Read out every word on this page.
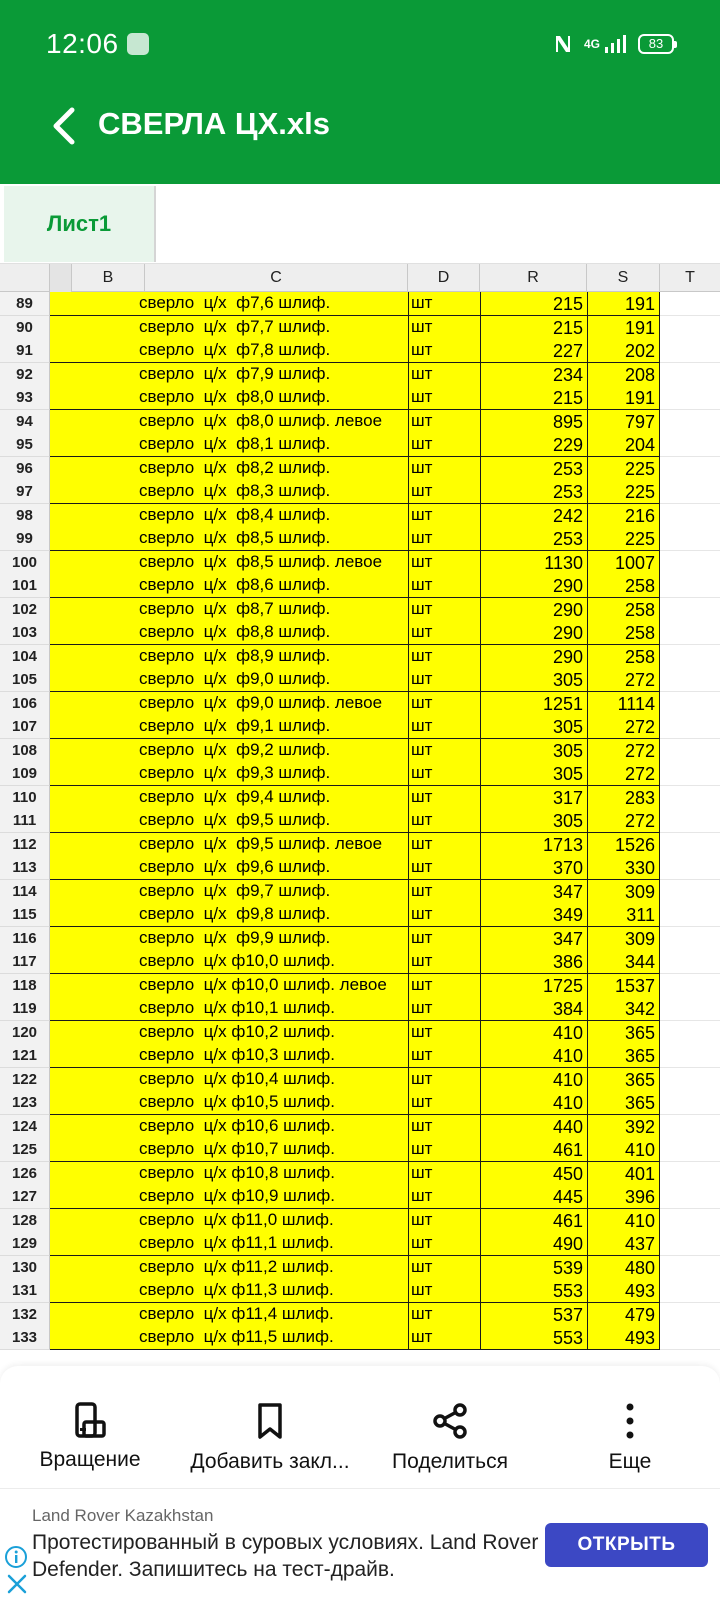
12:06	4G	83
СВЕРЛА ЦХ.xls
Лист1
B	C	D	R	S	T
89	сверло  ц/х  ф7,6 шлиф.	шт	215	191
90	сверло  ц/х  ф7,7 шлиф.	шт	215	191
91	сверло  ц/х  ф7,8 шлиф.	шт	227	202
92	сверло  ц/х  ф7,9 шлиф.	шт	234	208
93	сверло  ц/х  ф8,0 шлиф.	шт	215	191
94	сверло  ц/х  ф8,0 шлиф. левое	шт	895	797
95	сверло  ц/х  ф8,1 шлиф.	шт	229	204
96	сверло  ц/х  ф8,2 шлиф.	шт	253	225
97	сверло  ц/х  ф8,3 шлиф.	шт	253	225
98	сверло  ц/х  ф8,4 шлиф.	шт	242	216
99	сверло  ц/х  ф8,5 шлиф.	шт	253	225
100	сверло  ц/х  ф8,5 шлиф. левое	шт	1130	1007
101	сверло  ц/х  ф8,6 шлиф.	шт	290	258
102	сверло  ц/х  ф8,7 шлиф.	шт	290	258
103	сверло  ц/х  ф8,8 шлиф.	шт	290	258
104	сверло  ц/х  ф8,9 шлиф.	шт	290	258
105	сверло  ц/х  ф9,0 шлиф.	шт	305	272
106	сверло  ц/х  ф9,0 шлиф. левое	шт	1251	1114
107	сверло  ц/х  ф9,1 шлиф.	шт	305	272
108	сверло  ц/х  ф9,2 шлиф.	шт	305	272
109	сверло  ц/х  ф9,3 шлиф.	шт	305	272
110	сверло  ц/х  ф9,4 шлиф.	шт	317	283
111	сверло  ц/х  ф9,5 шлиф.	шт	305	272
112	сверло  ц/х  ф9,5 шлиф. левое	шт	1713	1526
113	сверло  ц/х  ф9,6 шлиф.	шт	370	330
114	сверло  ц/х  ф9,7 шлиф.	шт	347	309
115	сверло  ц/х  ф9,8 шлиф.	шт	349	311
116	сверло  ц/х  ф9,9 шлиф.	шт	347	309
117	сверло  ц/х ф10,0 шлиф.	шт	386	344
118	сверло  ц/х ф10,0 шлиф. левое	шт	1725	1537
119	сверло  ц/х ф10,1 шлиф.	шт	384	342
120	сверло  ц/х ф10,2 шлиф.	шт	410	365
121	сверло  ц/х ф10,3 шлиф.	шт	410	365
122	сверло  ц/х ф10,4 шлиф.	шт	410	365
123	сверло  ц/х ф10,5 шлиф.	шт	410	365
124	сверло  ц/х ф10,6 шлиф.	шт	440	392
125	сверло  ц/х ф10,7 шлиф.	шт	461	410
126	сверло  ц/х ф10,8 шлиф.	шт	450	401
127	сверло  ц/х ф10,9 шлиф.	шт	445	396
128	сверло  ц/х ф11,0 шлиф.	шт	461	410
129	сверло  ц/х ф11,1 шлиф.	шт	490	437
130	сверло  ц/х ф11,2 шлиф.	шт	539	480
131	сверло  ц/х ф11,3 шлиф.	шт	553	493
132	сверло  ц/х ф11,4 шлиф.	шт	537	479
133	сверло  ц/х ф11,5 шлиф.	шт	553	493
Вращение Добавить закл... Поделиться	Еще
Land Rover Kazakhstan
Протестированный в суровых условиях. Land Rover Defender. Запишитесь на тест-драйв.
ОТКРЫТЬ
